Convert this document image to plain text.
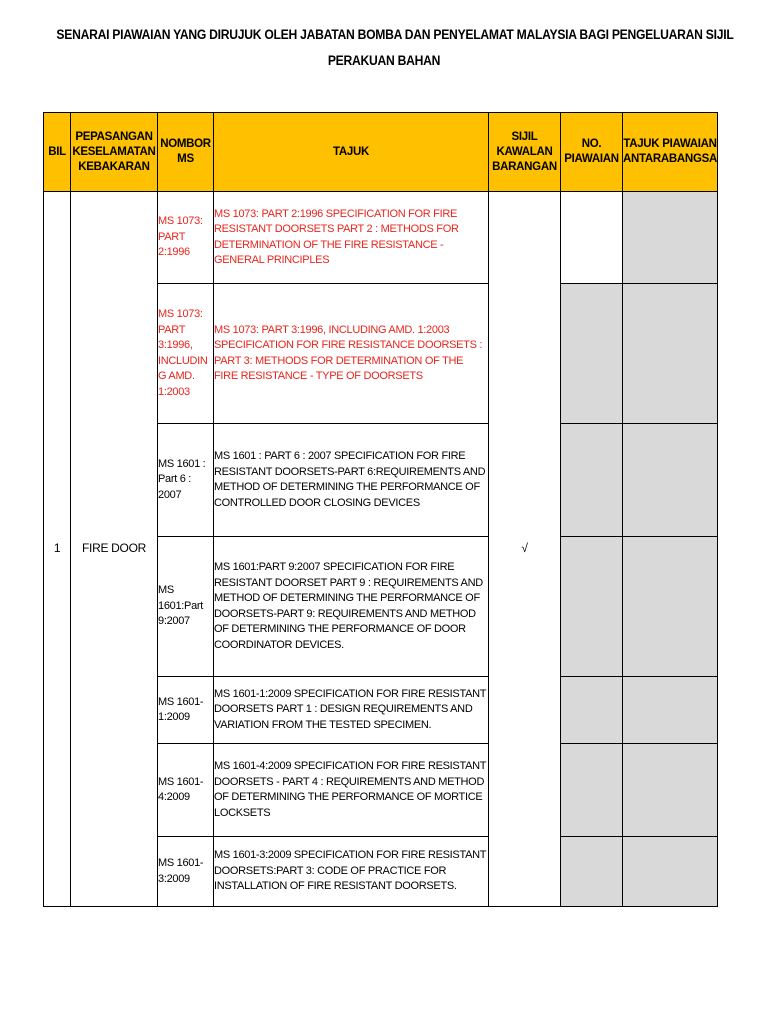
SENARAI PIAWAIAN YANG DIRUJUK OLEH JABATAN BOMBA DAN PENYELAMAT MALAYSIA BAGI PENGELUARAN SIJIL
PERAKUAN BAHAN
BIL	PEPASANGAN KESELAMATAN KEBAKARAN	NOMBOR MS	TAJUK	SIJIL KAWALAN BARANGAN	NO. PIAWAIAN	TAJUK PIAWAIAN ANTARABANGSA
1	FIRE DOOR	MS 1073: PART 2:1996	MS 1073: PART 2:1996 SPECIFICATION FOR FIRE RESISTANT DOORSETS PART 2 : METHODS FOR DETERMINATION OF THE FIRE RESISTANCE - GENERAL PRINCIPLES	√		
		MS 1073: PART 3:1996, INCLUDIN G AMD. 1:2003	MS 1073: PART 3:1996, INCLUDING AMD. 1:2003 SPECIFICATION FOR FIRE RESISTANCE DOORSETS : PART 3: METHODS FOR DETERMINATION OF THE FIRE RESISTANCE - TYPE OF DOORSETS			
		MS 1601 : Part 6 : 2007	MS 1601 : PART 6 : 2007 SPECIFICATION FOR FIRE RESISTANT DOORSETS-PART 6:REQUIREMENTS AND METHOD OF DETERMINING THE PERFORMANCE OF CONTROLLED DOOR CLOSING DEVICES			
		MS 1601:Part 9:2007	MS 1601:PART 9:2007 SPECIFICATION FOR FIRE RESISTANT DOORSET PART 9 : REQUIREMENTS AND METHOD OF DETERMINING THE PERFORMANCE OF DOORSETS-PART 9: REQUIREMENTS AND METHOD OF DETERMINING THE PERFORMANCE OF DOOR COORDINATOR DEVICES.			
		MS 1601-1:2009	MS 1601-1:2009 SPECIFICATION FOR FIRE RESISTANT DOORSETS PART 1 : DESIGN REQUIREMENTS AND VARIATION FROM THE TESTED SPECIMEN.			
		MS 1601-4:2009	MS 1601-4:2009 SPECIFICATION FOR FIRE RESISTANT DOORSETS - PART 4 : REQUIREMENTS AND METHOD OF DETERMINING THE PERFORMANCE OF MORTICE LOCKSETS			
		MS 1601-3:2009	MS 1601-3:2009 SPECIFICATION FOR FIRE RESISTANT DOORSETS:PART 3: CODE OF PRACTICE FOR INSTALLATION OF FIRE RESISTANT DOORSETS.			
